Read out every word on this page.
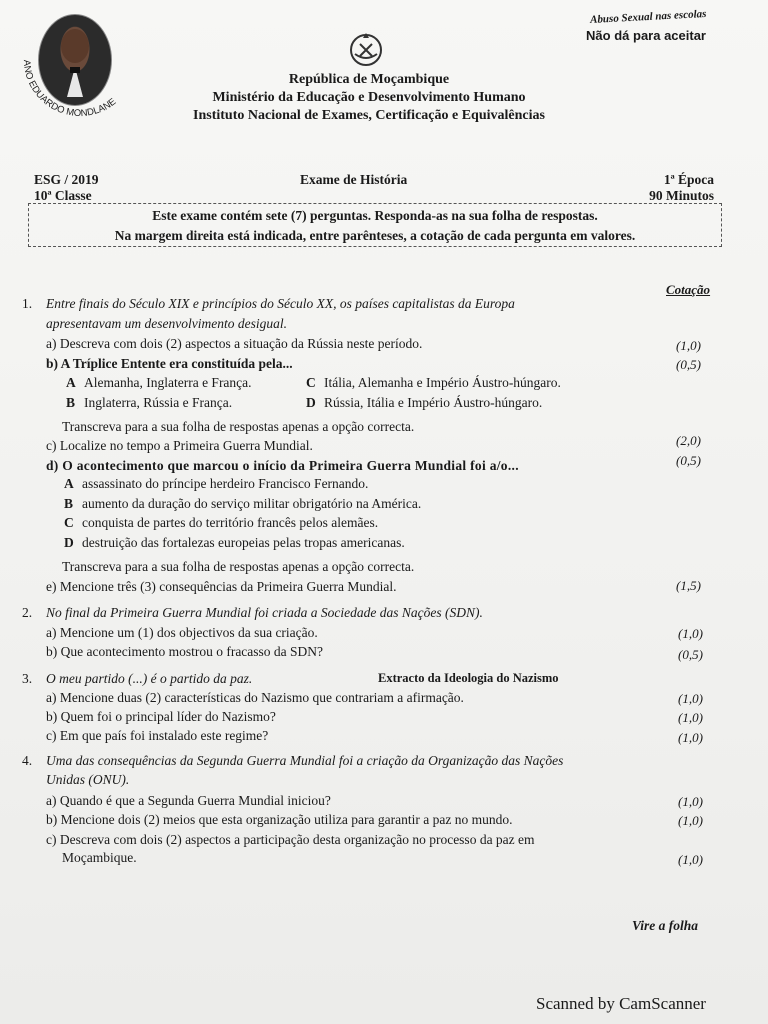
ANO EDUARDO MONDLANE
Abuso Sexual nas escolas
Não dá para aceitar
República de Moçambique
Ministério da Educação e Desenvolvimento Humano
Instituto Nacional de Exames, Certificação e Equivalências
ESG / 2019
10ª Classe
Exame de História	1ª Época
90 Minutos
Este exame contém sete (7) perguntas. Responda-as na sua folha de respostas.
Na margem direita está indicada, entre parênteses, a cotação de cada pergunta em valores.
Cotação
1. Entre finais do Século XIX e princípios do Século XX, os países capitalistas da Europa
apresentavam um desenvolvimento desigual.
a) Descreva com dois (2) aspectos a situação da Rússia neste período.	(1,0)
b) A Tríplice Entente era constituída pela...	(0,5)
A Alemanha, Inglaterra e França.
B Inglaterra, Rússia e França.
C Itália, Alemanha e Império Áustro-húngaro.
D Rússia, Itália e Império Áustro-húngaro.
Transcreva para a sua folha de respostas apenas a opção correcta.
c) Localize no tempo a Primeira Guerra Mundial.	(2,0)
d) O acontecimento que marcou o início da Primeira Guerra Mundial foi a/o...	(0,5)
A assassinato do príncipe herdeiro Francisco Fernando.
B aumento da duração do serviço militar obrigatório na América.
C conquista de partes do território francês pelos alemães.
D destruição das fortalezas europeias pelas tropas americanas.
Transcreva para a sua folha de respostas apenas a opção correcta.
e) Mencione três (3) consequências da Primeira Guerra Mundial.	(1,5)
2. No final da Primeira Guerra Mundial foi criada a Sociedade das Nações (SDN).
a) Mencione um (1) dos objectivos da sua criação.	(1,0)
b) Que acontecimento mostrou o fracasso da SDN?	(0,5)
3. O meu partido (...) é o partido da paz.	Extracto da Ideologia do Nazismo
a) Mencione duas (2) características do Nazismo que contrariam a afirmação.	(1,0)
b) Quem foi o principal líder do Nazismo?	(1,0)
c) Em que país foi instalado este regime?	(1,0)
4. Uma das consequências da Segunda Guerra Mundial foi a criação da Organização das Nações
Unidas (ONU).
a) Quando é que a Segunda Guerra Mundial iniciou?	(1,0)
b) Mencione dois (2) meios que esta organização utiliza para garantir a paz no mundo.	(1,0)
c) Descreva com dois (2) aspectos a participação desta organização no processo da paz em
Moçambique.	(1,0)
Vire a folha
Scanned by CamScanner
